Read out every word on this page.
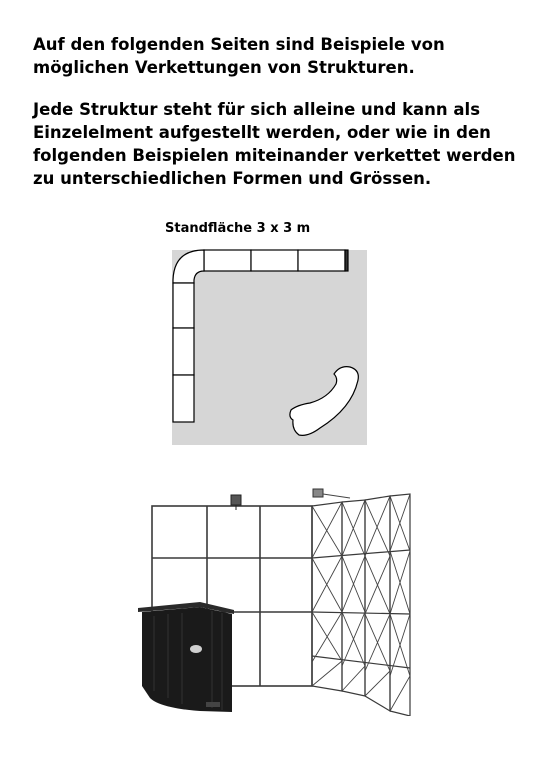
Auf den folgenden Seiten sind Beispiele von
möglichen Verkettungen von Strukturen.
Jede Struktur steht für sich alleine und kann als
Einzelelment aufgestellt werden, oder wie in den
folgenden Beispielen miteinander verkettet werden
zu unterschiedlichen Formen und Grössen.
Standfläche 3 x 3 m
